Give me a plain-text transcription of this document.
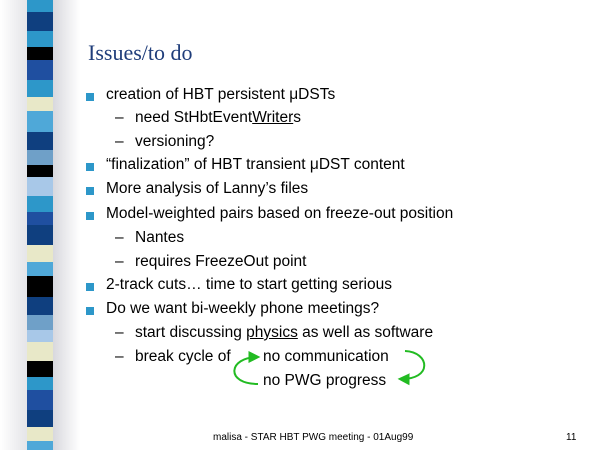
Issues/to do
creation of HBT persistent μDSTs
– need StHbtEventWriters
– versioning?
“finalization” of HBT transient μDST content
More analysis of Lanny’s files
Model-weighted pairs based on freeze-out position
– Nantes
– requires FreezeOut point
2-track cuts… time to start getting serious
Do we want bi-weekly phone meetings?
– start discussing physics as well as software
– break cycle of no communication
no PWG progress
malisa - STAR HBT PWG meeting - 01Aug99	11
